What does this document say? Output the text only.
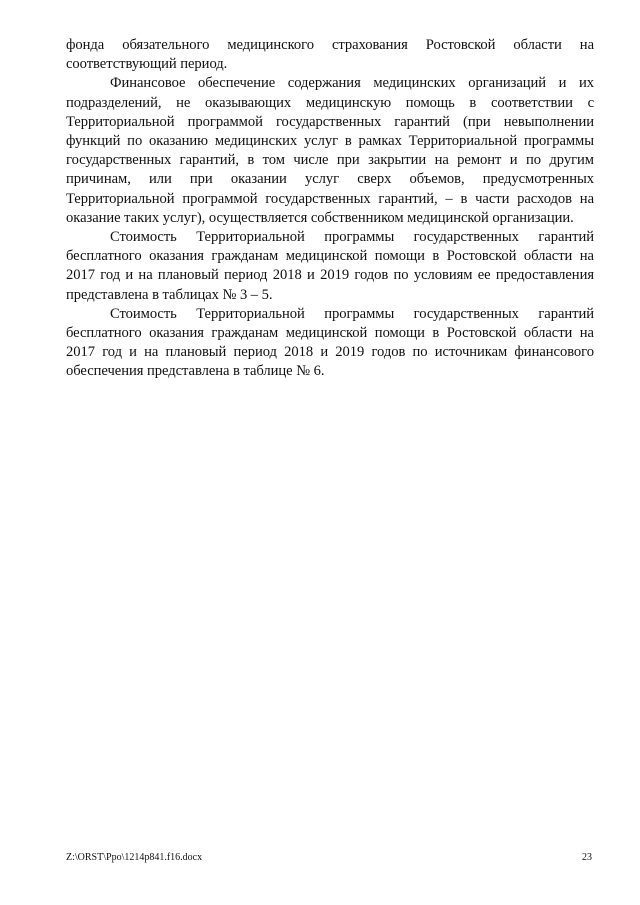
фонда обязательного медицинского страхования Ростовской области на соответствующий период.

Финансовое обеспечение содержания медицинских организаций и их подразделений, не оказывающих медицинскую помощь в соответствии с Территориальной программой государственных гарантий (при невыполнении функций по оказанию медицинских услуг в рамках Территориальной программы государственных гарантий, в том числе при закрытии на ремонт и по другим причинам, или при оказании услуг сверх объемов, предусмотренных Территориальной программой государственных гарантий, – в части расходов на оказание таких услуг), осуществляется собственником медицинской организации.

Стоимость Территориальной программы государственных гарантий бесплатного оказания гражданам медицинской помощи в Ростовской области на 2017 год и на плановый период 2018 и 2019 годов по условиям ее предоставления представлена в таблицах № 3 – 5.

Стоимость Территориальной программы государственных гарантий бесплатного оказания гражданам медицинской помощи в Ростовской области на 2017 год и на плановый период 2018 и 2019 годов по источникам финансового обеспечения представлена в таблице № 6.

Z:\ORST\Ppo\1214p841.f16.docx	23
